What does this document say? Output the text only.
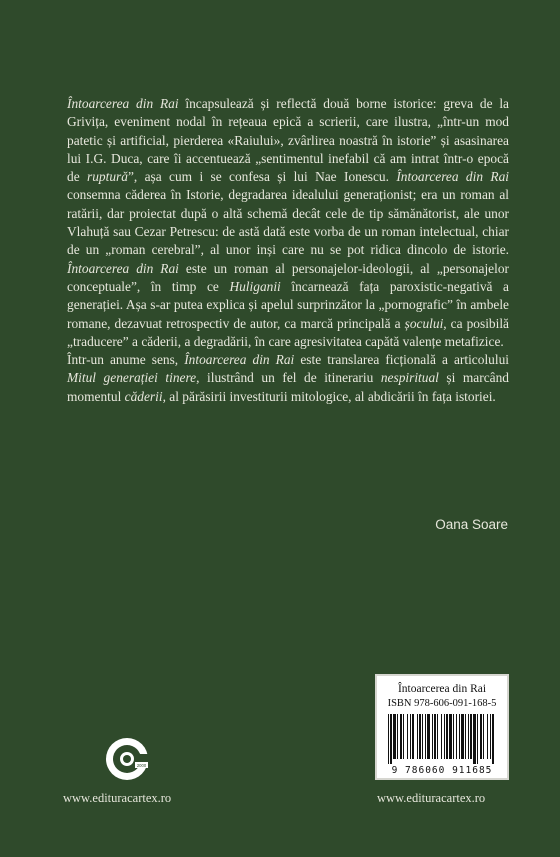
Întoarcerea din Rai încapsulează și reflectă două borne istorice: greva de la Grivița, eveniment nodal în rețeaua epică a scrierii, care ilustra, „într-un mod patetic și artificial, pierderea «Raiului», zvârlirea noastră în istorie” și asasinarea lui I.G. Duca, care îi accentuează „sentimentul inefabil că am intrat într-o epocă de ruptură”, așa cum i se confesa și lui Nae Ionescu. Întoarcerea din Rai consemna căderea în Istorie, degradarea idealului generaționist; era un roman al ratării, dar proiectat după o altă schemă decât cele de tip sămănătorist, ale unor Vlahuță sau Cezar Petrescu: de astă dată este vorba de un roman intelectual, chiar de un „roman cerebral”, al unor inși care nu se pot ridica dincolo de istorie. Întoarcerea din Rai este un roman al personajelor-ideologii, al „personajelor conceptuale”, în timp ce Huliganii încarnează fața paroxistic-negativă a generației. Așa s-ar putea explica și apelul surprinzător la „pornografic” în ambele romane, dezavuat retrospectiv de autor, ca marcă principală a șocului, ca posibilă „traducere” a căderii, a degradării, în care agresivitatea capătă valențe metafizice.

Într-un anume sens, Întoarcerea din Rai este translarea ficțională a articolului Mitul generației tinere, ilustrând un fel de itinerariu nespiritual și marcând momentul căderii, al părăsirii investiturii mitologice, al abdicării în fața istoriei.

Oana Soare
2000
www.edituracartex.ro
Întoarcerea din Rai
ISBN 978-606-091-168-5
9 786060 911685
www.edituracartex.ro
